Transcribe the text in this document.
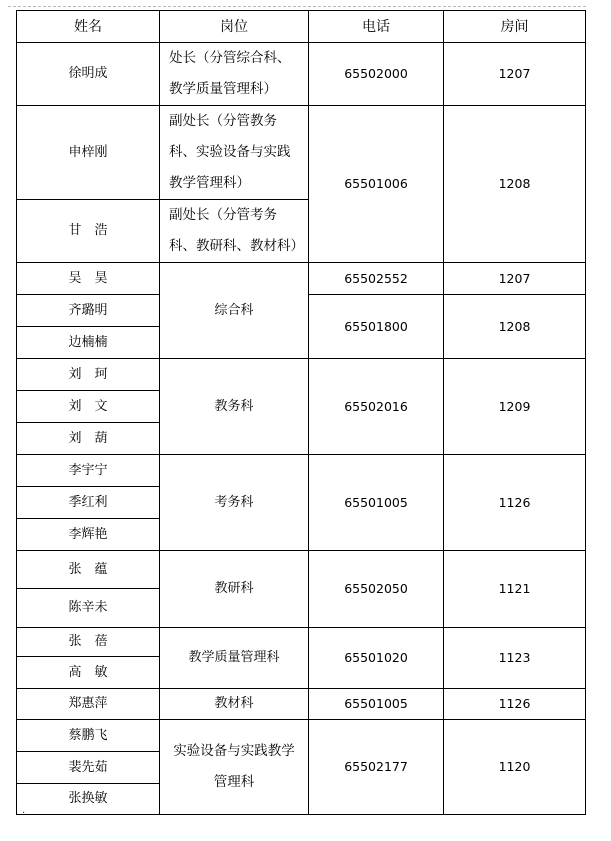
姓名	岗位	电话	房间
徐明成	处长（分管综合科、教学质量管理科）	65502000	1207
申梓刚	副处长（分管教务科、实验设备与实践教学管理科）	65501006	1208
甘　浩	副处长（分管考务科、教研科、教材科）		
吴　昊	综合科	65502552	1207
齐璐明		65501800	1208
边楠楠			
刘　珂	教务科	65502016	1209
刘　文			
刘　葫			
李宇宁	考务科	65501005	1126
季红利			
李辉艳			
张　蕴	教研科	65502050	1121
陈辛未			
张　蓓	教学质量管理科	65501020	1123
高　敏			
郑惠萍	教材科	65501005	1126
蔡鹏飞	实验设备与实践教学管理科	65502177	1120
裴先茹			
张换敏			
·
